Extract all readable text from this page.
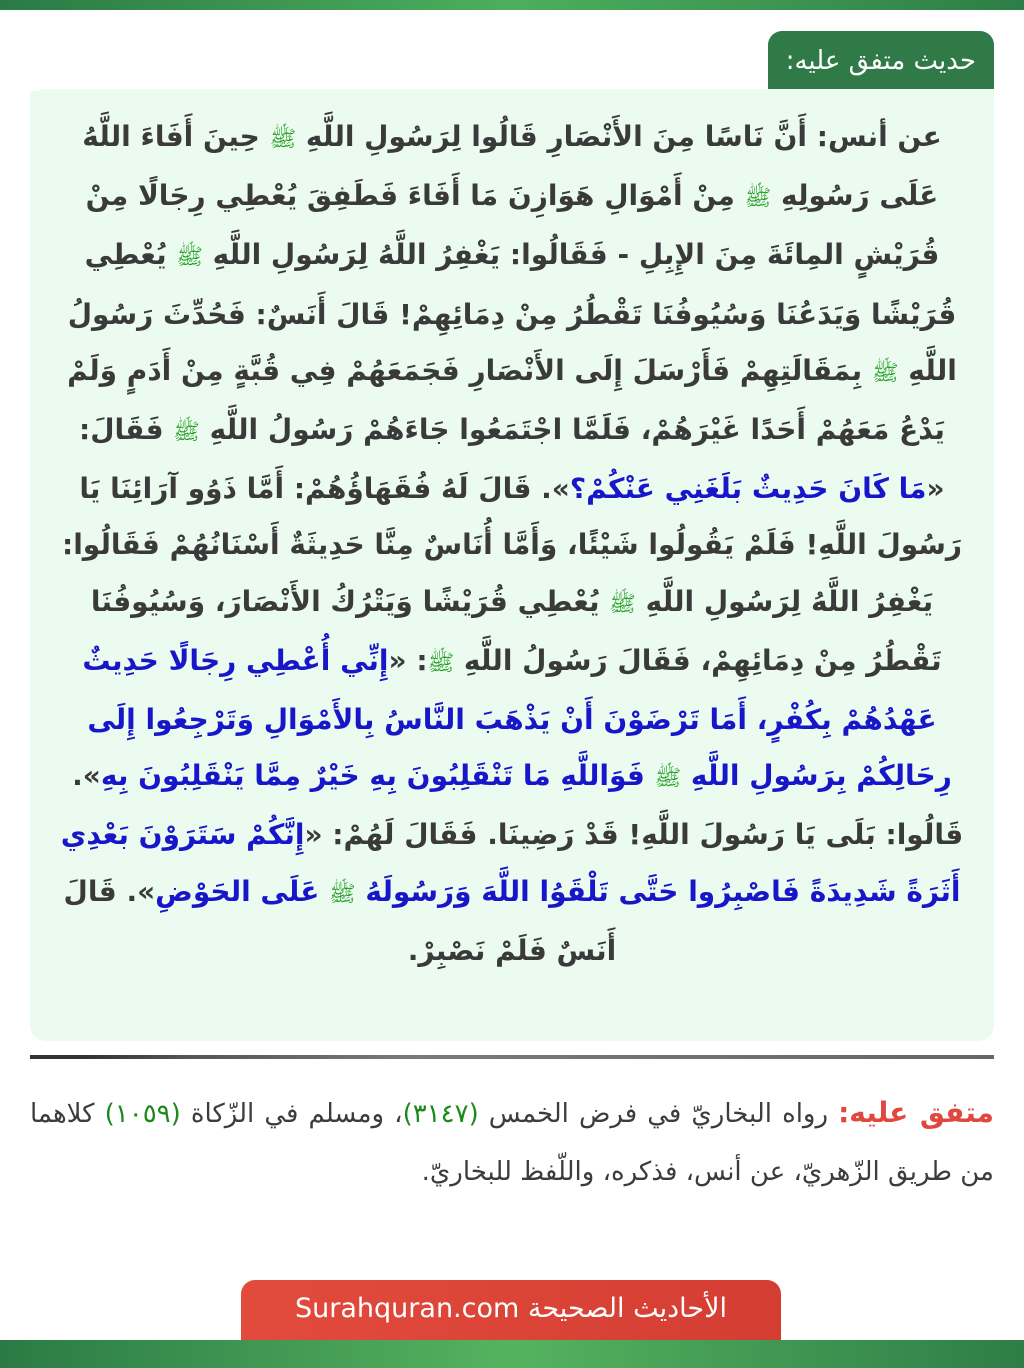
حديث متفق عليه:

عن أنس: أَنَّ نَاسًا مِنَ الأَنْصَارِ قَالُوا لِرَسُولِ اللَّهِ ﷺ حِينَ أَفَاءَ اللَّهُ عَلَى رَسُولِهِ ﷺ مِنْ أَمْوَالِ هَوَازِنَ مَا أَفَاءَ فَطَفِقَ يُعْطِي رِجَالًا مِنْ قُرَيْشٍ المِائَةَ مِنَ الإِبِلِ - فَقَالُوا: يَغْفِرُ اللَّهُ لِرَسُولِ اللَّهِ ﷺ يُعْطِي قُرَيْشًا وَيَدَعُنَا وَسُيُوفُنَا تَقْطُرُ مِنْ دِمَائِهِمْ! قَالَ أَنَسٌ: فَحُدِّثَ رَسُولُ اللَّهِ ﷺ بِمَقَالَتِهِمْ فَأَرْسَلَ إِلَى الأَنْصَارِ فَجَمَعَهُمْ فِي قُبَّةٍ مِنْ أَدَمٍ وَلَمْ يَدْعُ مَعَهُمْ أَحَدًا غَيْرَهُمْ، فَلَمَّا اجْتَمَعُوا جَاءَهُمْ رَسُولُ اللَّهِ ﷺ فَقَالَ: «مَا كَانَ حَدِيثٌ بَلَغَنِي عَنْكُمْ؟». قَالَ لَهُ فُقَهَاؤُهُمْ: أَمَّا ذَوُو آرَائِنَا يَا رَسُولَ اللَّهِ! فَلَمْ يَقُولُوا شَيْئًا، وَأَمَّا أُنَاسٌ مِنَّا حَدِيثَةٌ أَسْنَانُهُمْ فَقَالُوا: يَغْفِرُ اللَّهُ لِرَسُولِ اللَّهِ ﷺ يُعْطِي قُرَيْشًا وَيَتْرُكُ الأَنْصَارَ، وَسُيُوفُنَا تَقْطُرُ مِنْ دِمَائِهِمْ، فَقَالَ رَسُولُ اللَّهِ ﷺ: «إِنِّي أُعْطِي رِجَالًا حَدِيثٌ عَهْدُهُمْ بِكُفْرٍ، أَمَا تَرْضَوْنَ أَنْ يَذْهَبَ النَّاسُ بِالأَمْوَالِ وَتَرْجِعُوا إِلَى رِحَالِكُمْ بِرَسُولِ اللَّهِ ﷺ فَوَاللَّهِ مَا تَنْقَلِبُونَ بِهِ خَيْرٌ مِمَّا يَنْقَلِبُونَ بِهِ». قَالُوا: بَلَى يَا رَسُولَ اللَّهِ! قَدْ رَضِينَا. فَقَالَ لَهُمْ: «إِنَّكُمْ سَتَرَوْنَ بَعْدِي أَثَرَةً شَدِيدَةً فَاصْبِرُوا حَتَّى تَلْقَوُا اللَّهَ وَرَسُولَهُ ﷺ عَلَى الحَوْضِ». قَالَ أَنَسٌ فَلَمْ نَصْبِرْ.

متفق عليه: رواه البخاريّ في فرض الخمس (٣١٤٧)، ومسلم في الزّكاة (١٠٥٩) كلاهما من طريق الزّهريّ، عن أنس، فذكره، واللّفظ للبخاريّ.

الأحاديث الصحيحة Surahquran.com
